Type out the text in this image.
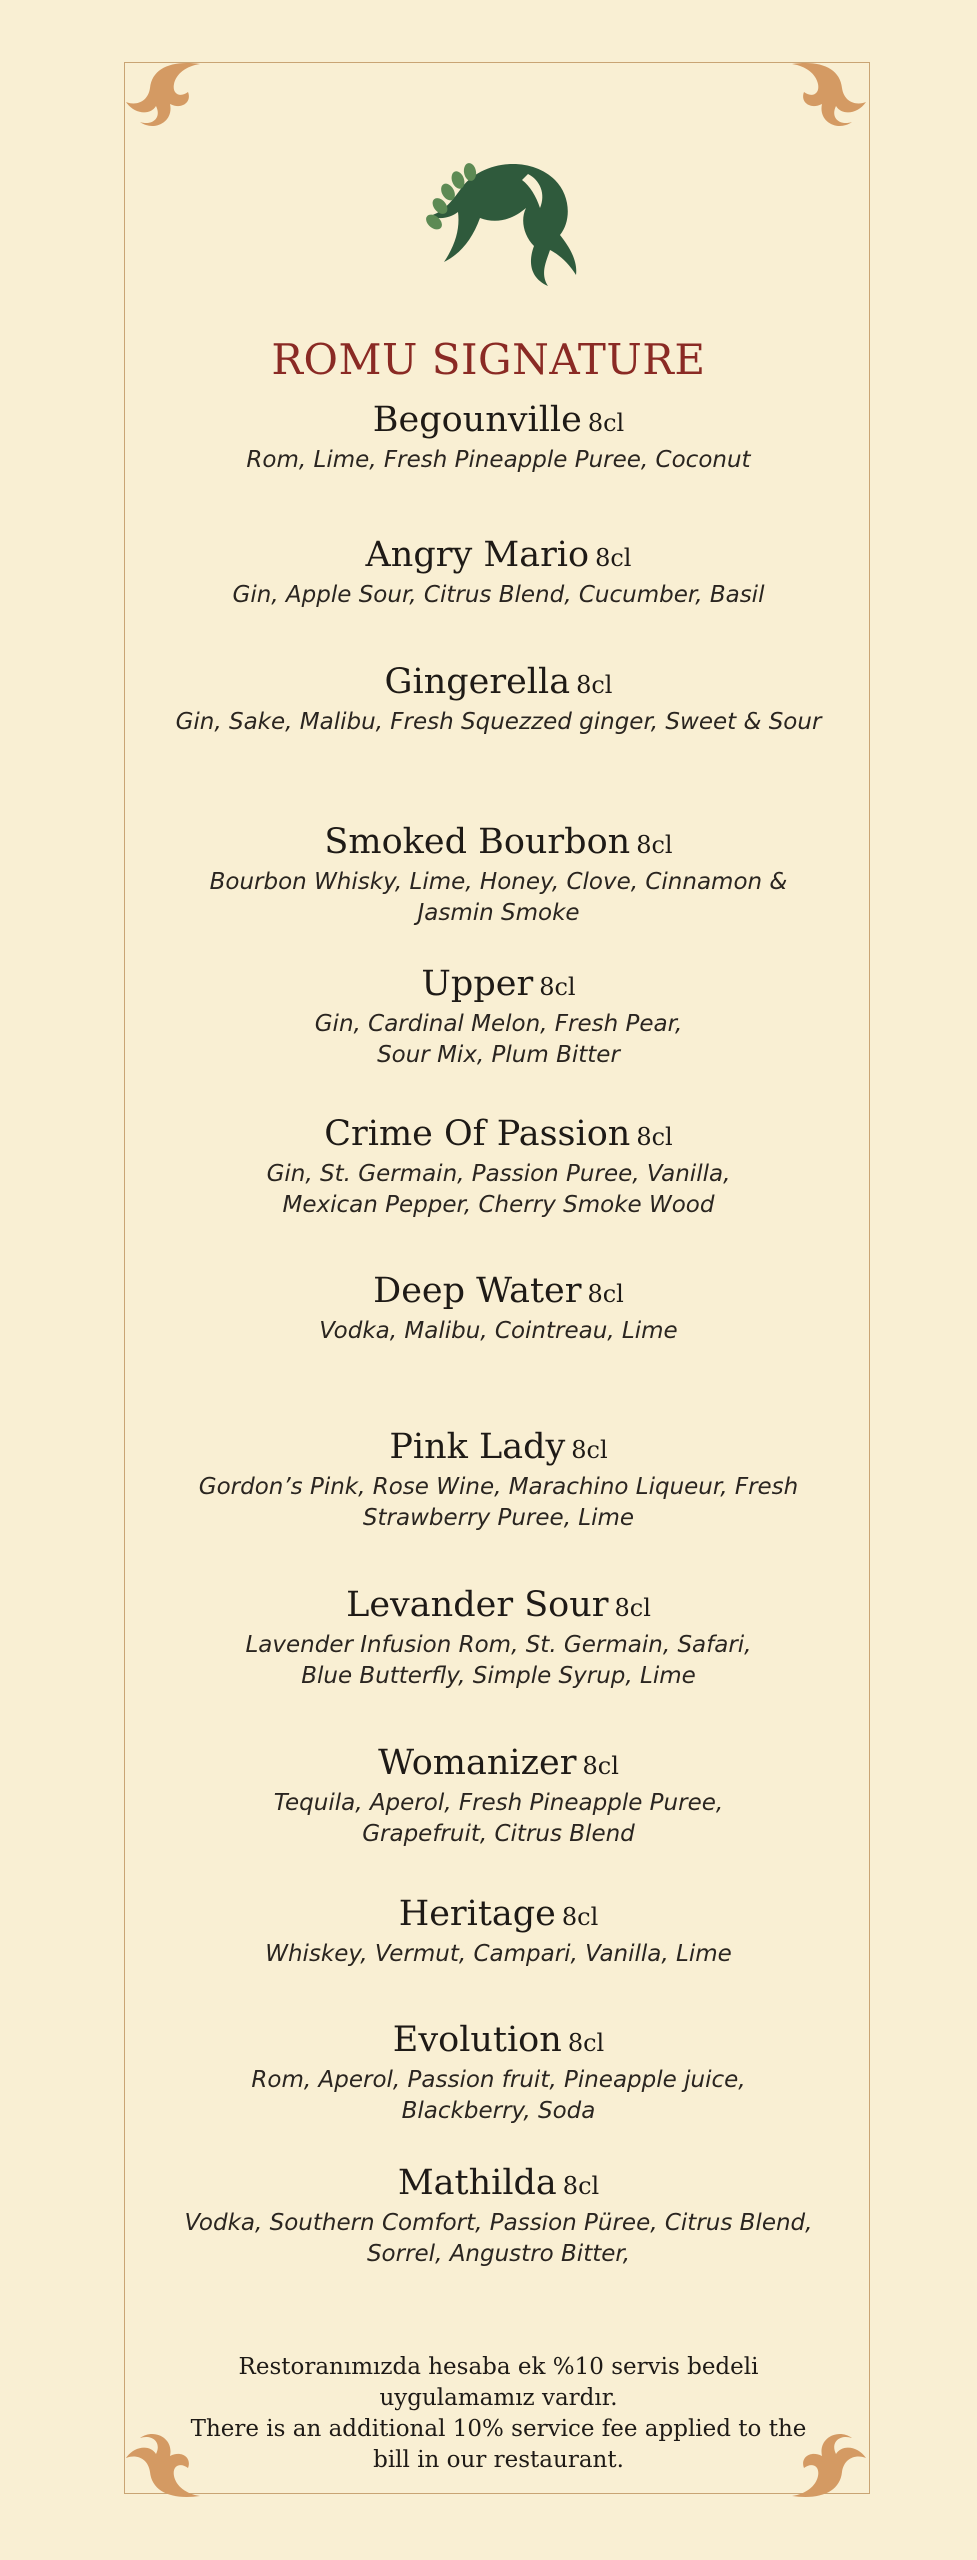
ROMU SIGNATURE
Begounville 8cl
Rom, Lime, Fresh Pineapple Puree, Coconut
Angry Mario 8cl
Gin, Apple Sour, Citrus Blend, Cucumber, Basil
Gingerella 8cl
Gin, Sake, Malibu, Fresh Squezzed ginger, Sweet & Sour
Smoked Bourbon 8cl
Bourbon Whisky, Lime, Honey, Clove, Cinnamon &
Jasmin Smoke
Upper 8cl
Gin, Cardinal Melon, Fresh Pear,
Sour Mix, Plum Bitter
Crime Of Passion 8cl
Gin, St. Germain, Passion Puree, Vanilla,
Mexican Pepper, Cherry Smoke Wood
Deep Water 8cl
Vodka, Malibu, Cointreau, Lime
Pink Lady 8cl
Gordon’s Pink, Rose Wine, Marachino Liqueur, Fresh
Strawberry Puree, Lime
Levander Sour 8cl
Lavender Infusion Rom, St. Germain, Safari,
Blue Butterfly, Simple Syrup, Lime
Womanizer 8cl
Tequila, Aperol, Fresh Pineapple Puree,
Grapefruit, Citrus Blend
Heritage 8cl
Whiskey, Vermut, Campari, Vanilla, Lime
Evolution 8cl
Rom, Aperol, Passion fruit, Pineapple juice,
Blackberry, Soda
Mathilda 8cl
Vodka, Southern Comfort, Passion Püree, Citrus Blend,
Sorrel, Angustro Bitter,
Restoranımızda hesaba ek %10 servis bedeli
uygulamamız vardır.
There is an additional 10% service fee applied to the
bill in our restaurant.
